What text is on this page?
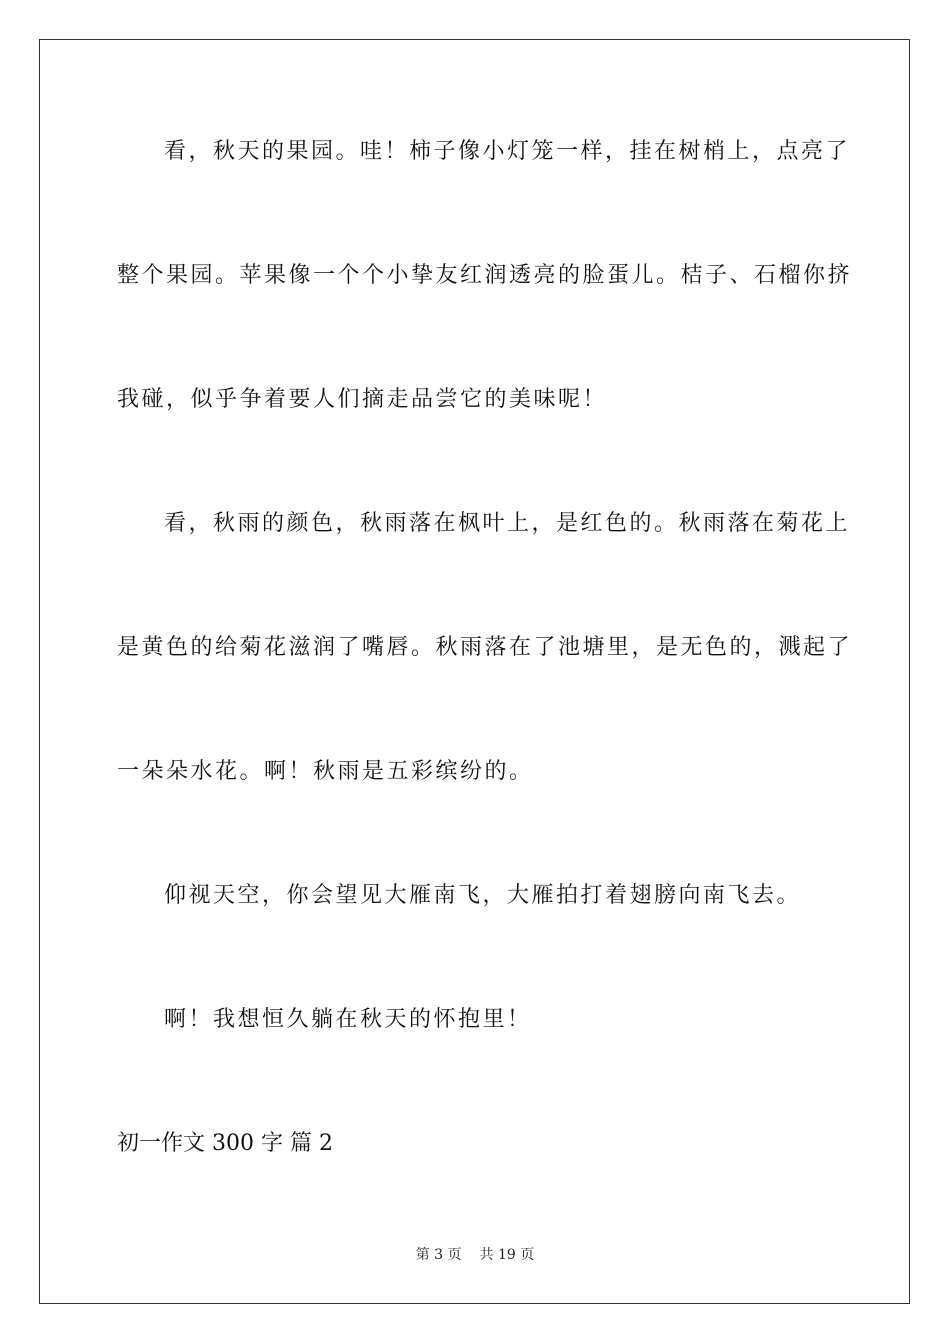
看，秋天的果园。哇！柿子像小灯笼一样，挂在树梢上，点亮了
整个果园。苹果像一个个小挚友红润透亮的脸蛋儿。桔子、石榴你挤
我碰，似乎争着要人们摘走品尝它的美味呢！
看，秋雨的颜色，秋雨落在枫叶上，是红色的。秋雨落在菊花上
是黄色的给菊花滋润了嘴唇。秋雨落在了池塘里，是无色的，溅起了
一朵朵水花。啊！秋雨是五彩缤纷的。
仰视天空，你会望见大雁南飞，大雁拍打着翅膀向南飞去。
啊！我想恒久躺在秋天的怀抱里！
初一作文 300 字 篇 2
第 3 页 共 19 页
